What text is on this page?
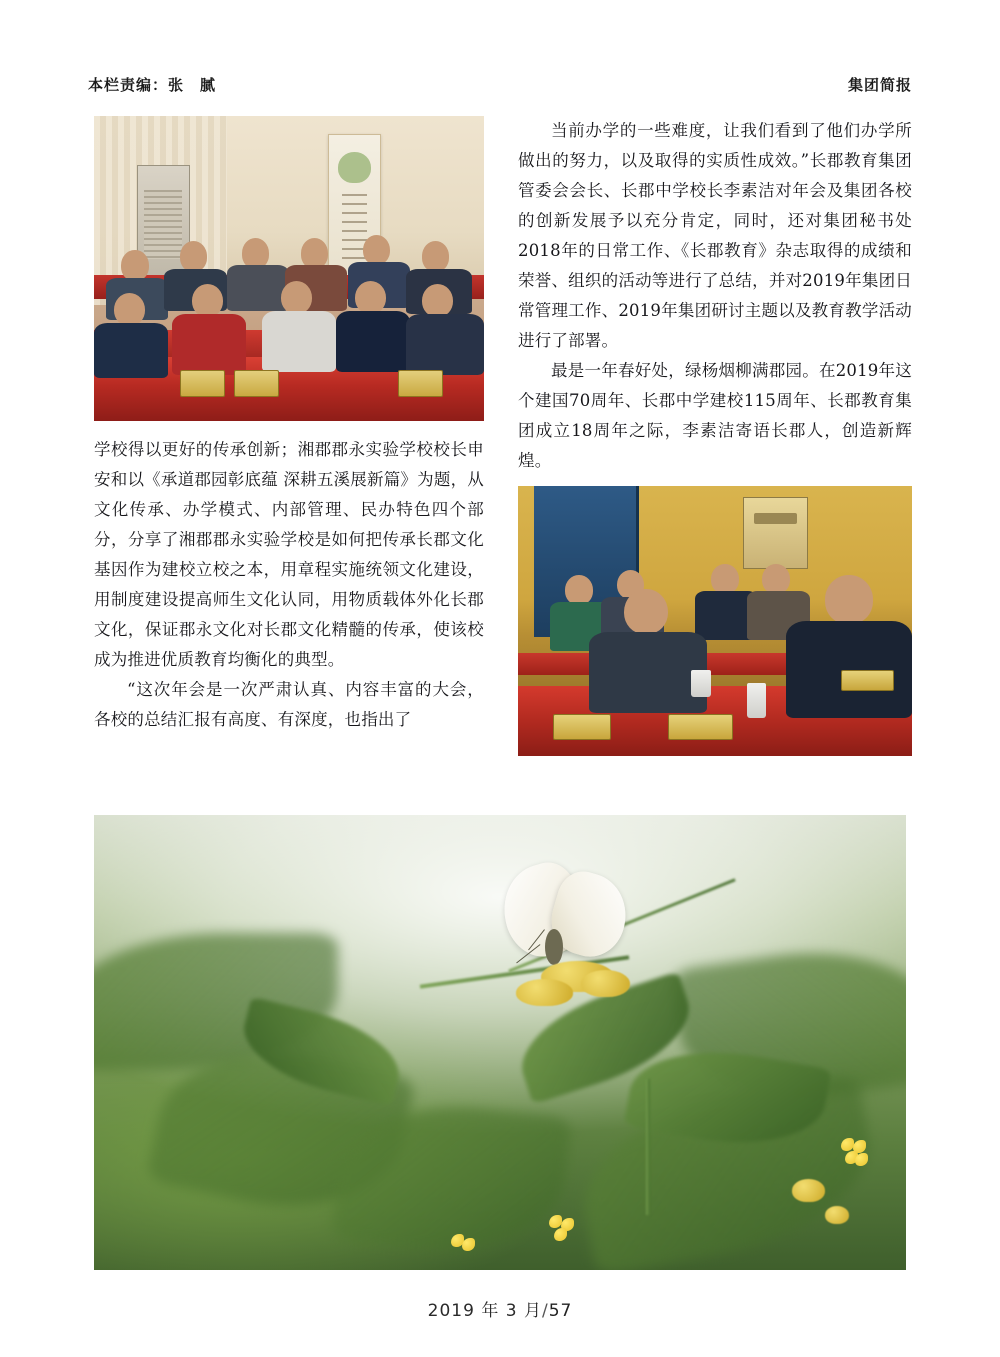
本栏责编：张　腻	集团简报

学校得以更好的传承创新；湘郡郡永实验学校校长申安和以《承道郡园彰底蕴 深耕五溪展新篇》为题，从文化传承、办学模式、内部管理、民办特色四个部分，分享了湘郡郡永实验学校是如何把传承长郡文化基因作为建校立校之本，用章程实施统领文化建设，用制度建设提高师生文化认同，用物质载体外化长郡文化，保证郡永文化对长郡文化精髓的传承，使该校成为推进优质教育均衡化的典型。

“这次年会是一次严肃认真、内容丰富的大会，各校的总结汇报有高度、有深度，也指出了

当前办学的一些难度，让我们看到了他们办学所做出的努力，以及取得的实质性成效。”长郡教育集团管委会会长、长郡中学校长李素洁对年会及集团各校的创新发展予以充分肯定，同时，还对集团秘书处2018年的日常工作、《长郡教育》杂志取得的成绩和荣誉、组织的活动等进行了总结，并对2019年集团日常管理工作、2019年集团研讨主题以及教育教学活动进行了部署。

最是一年春好处，绿杨烟柳满郡园。在2019年这个建国70周年、长郡中学建校115周年、长郡教育集团成立18周年之际，李素洁寄语长郡人，创造新辉煌。

2019 年 3 月/57
